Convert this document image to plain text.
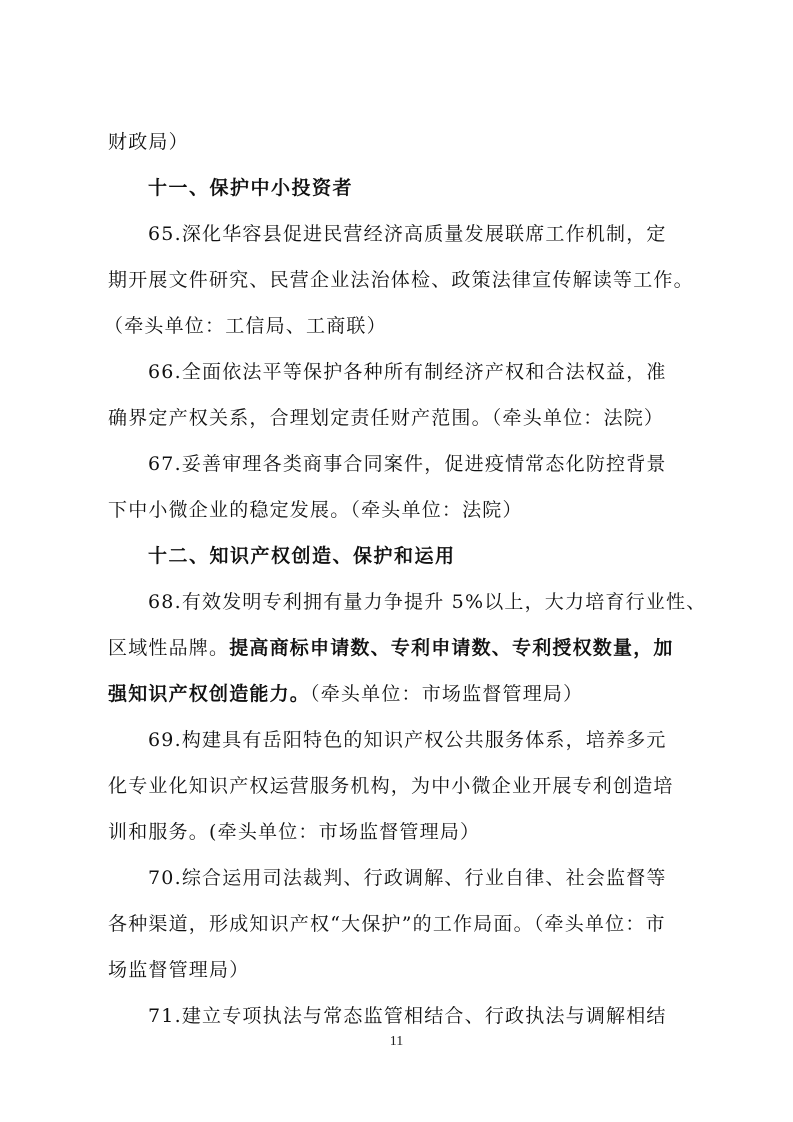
财政局）
十一、保护中小投资者
65.深化华容县促进民营经济高质量发展联席工作机制，定
期开展文件研究、民营企业法治体检、政策法律宣传解读等工作。
（牵头单位：工信局、工商联）
66.全面依法平等保护各种所有制经济产权和合法权益，准
确界定产权关系，合理划定责任财产范围。（牵头单位：法院）
67.妥善审理各类商事合同案件，促进疫情常态化防控背景
下中小微企业的稳定发展。（牵头单位：法院）
十二、知识产权创造、保护和运用
68.有效发明专利拥有量力争提升 5%以上，大力培育行业性、
区域性品牌。提高商标申请数、专利申请数、专利授权数量，加
强知识产权创造能力。（牵头单位：市场监督管理局）
69.构建具有岳阳特色的知识产权公共服务体系，培养多元
化专业化知识产权运营服务机构，为中小微企业开展专利创造培
训和服务。(牵头单位：市场监督管理局）
70.综合运用司法裁判、行政调解、行业自律、社会监督等
各种渠道，形成知识产权“大保护”的工作局面。（牵头单位：市
场监督管理局）
71.建立专项执法与常态监管相结合、行政执法与调解相结
11
